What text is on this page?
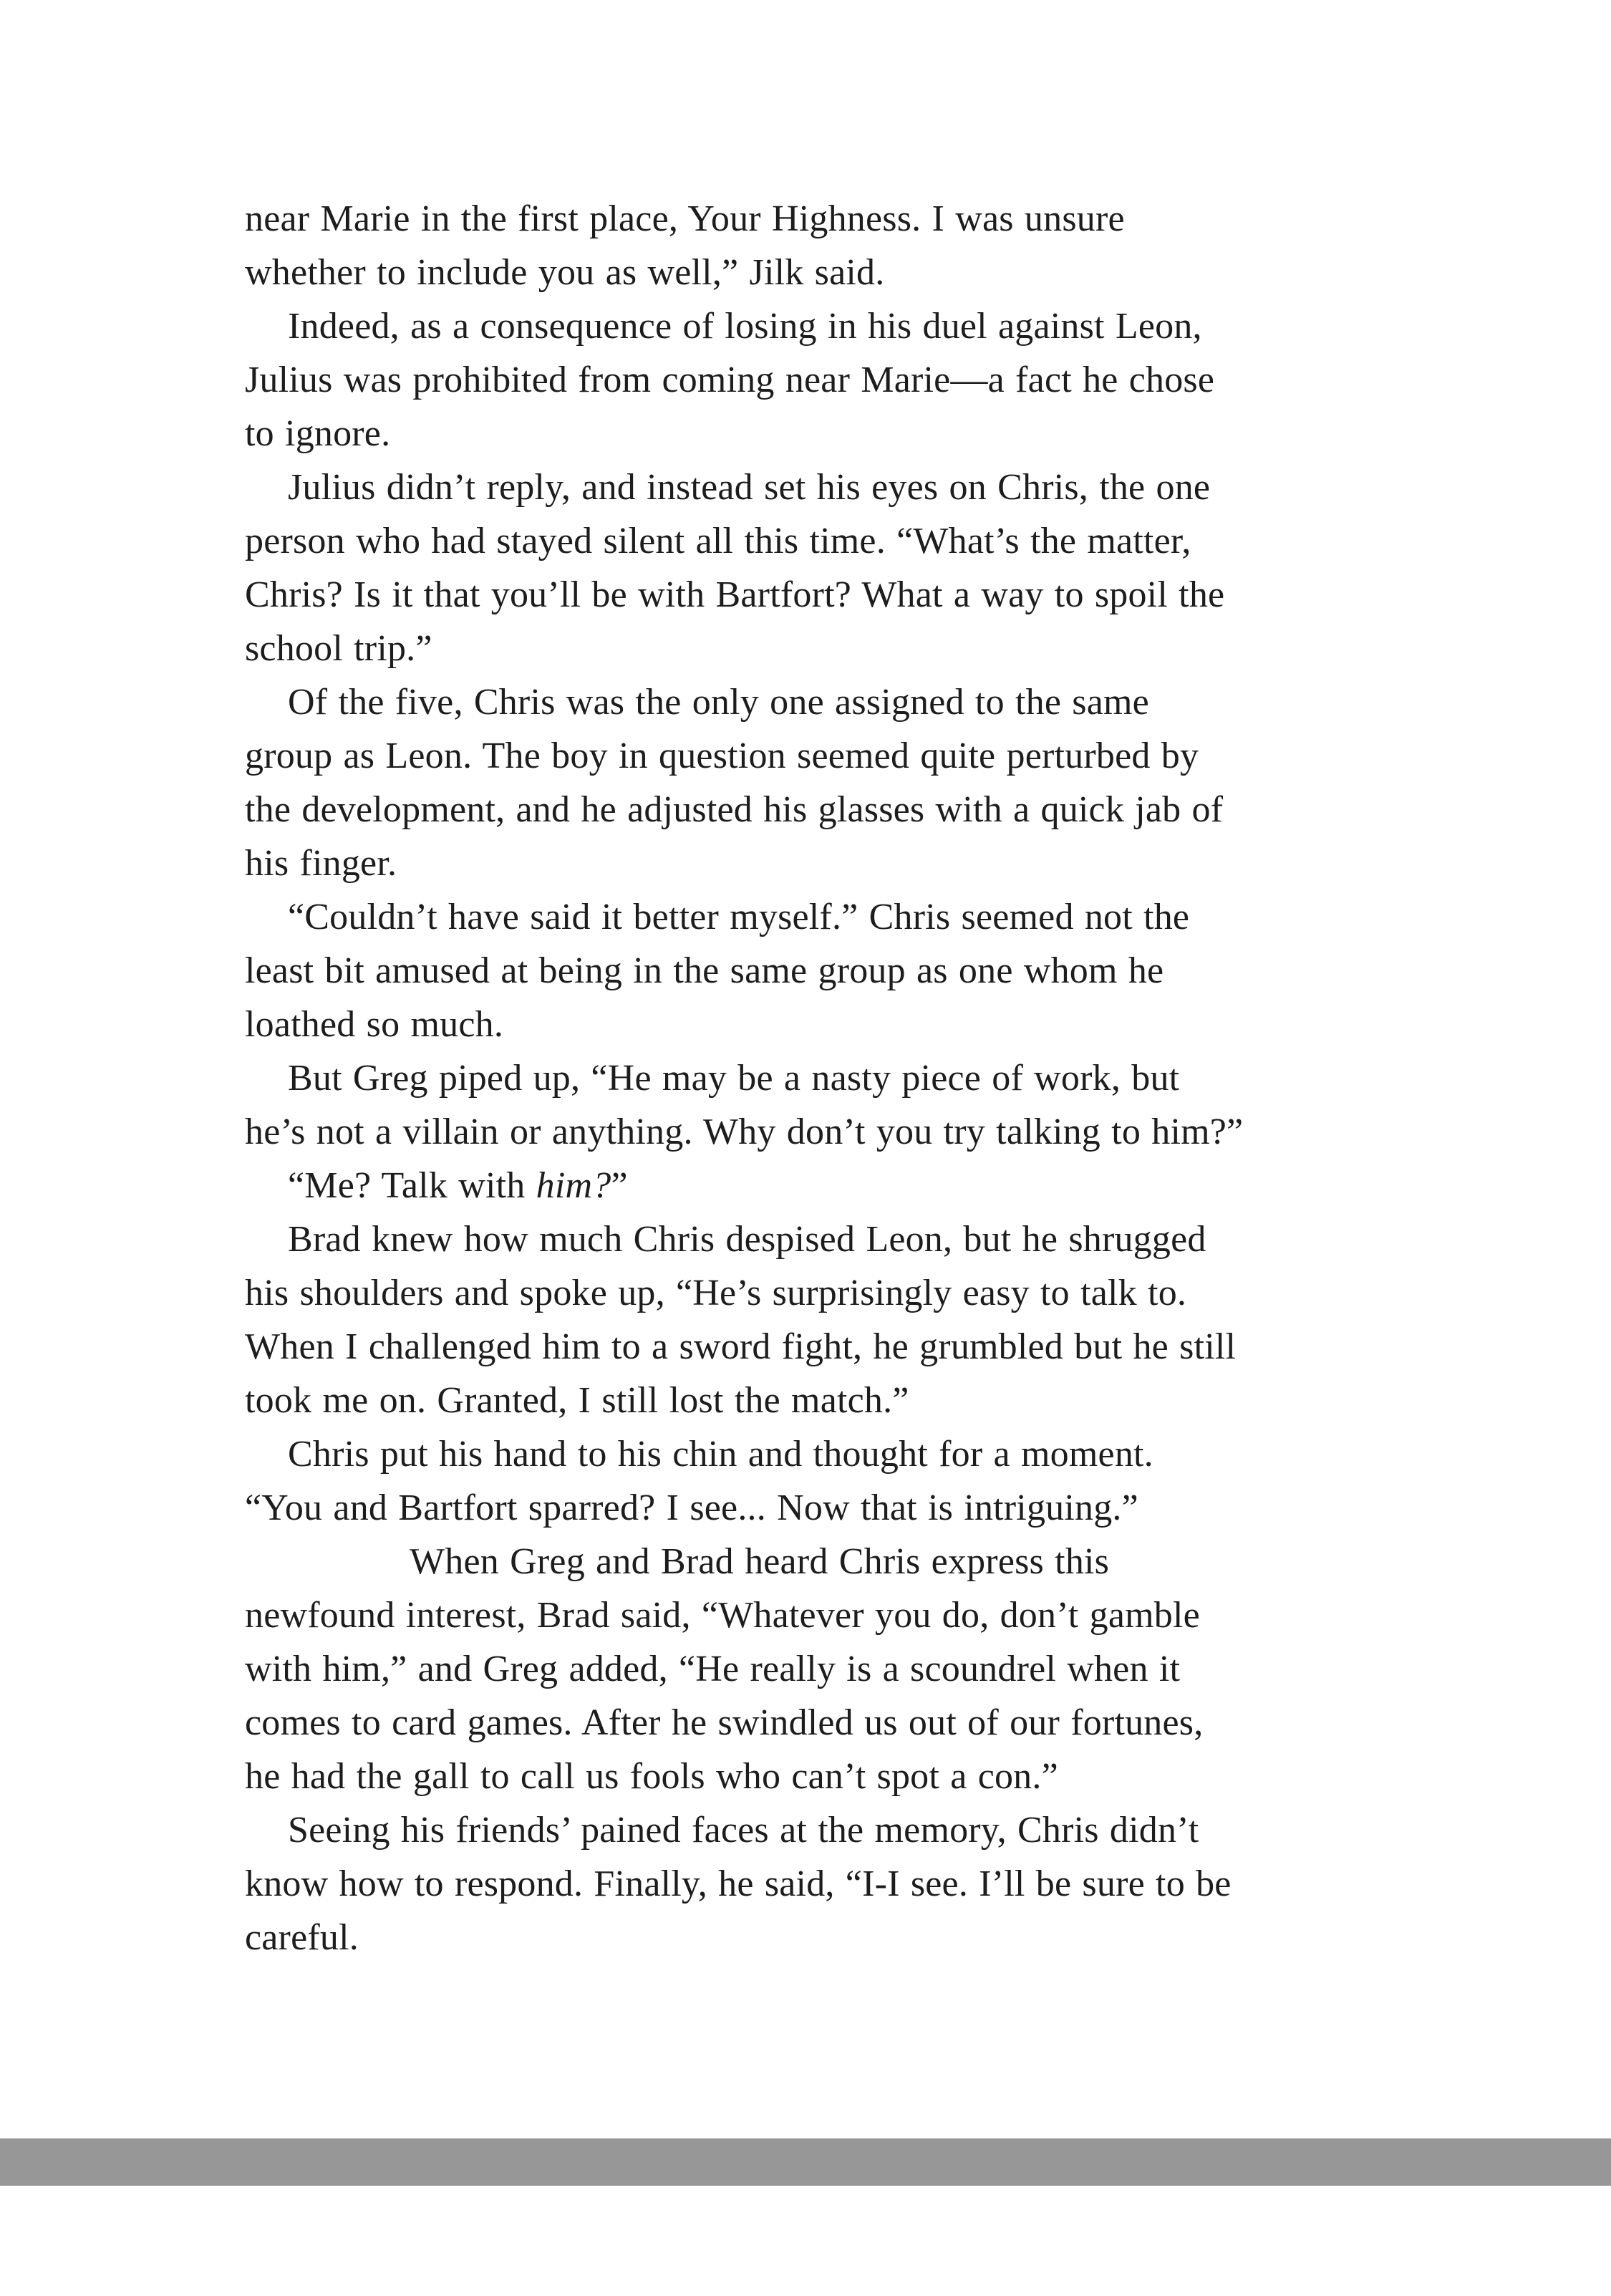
near Marie in the first place, Your Highness. I was unsure
whether to include you as well,” Jilk said.
Indeed, as a consequence of losing in his duel against Leon,
Julius was prohibited from coming near Marie—a fact he chose
to ignore.
Julius didn’t reply, and instead set his eyes on Chris, the one
person who had stayed silent all this time. “What’s the matter,
Chris? Is it that you’ll be with Bartfort? What a way to spoil the
school trip.”
Of the five, Chris was the only one assigned to the same
group as Leon. The boy in question seemed quite perturbed by
the development, and he adjusted his glasses with a quick jab of
his finger.
“Couldn’t have said it better myself.” Chris seemed not the
least bit amused at being in the same group as one whom he
loathed so much.
But Greg piped up, “He may be a nasty piece of work, but
he’s not a villain or anything. Why don’t you try talking to him?”
“Me? Talk with him?”
Brad knew how much Chris despised Leon, but he shrugged
his shoulders and spoke up, “He’s surprisingly easy to talk to.
When I challenged him to a sword fight, he grumbled but he still
took me on. Granted, I still lost the match.”
Chris put his hand to his chin and thought for a moment.
“You and Bartfort sparred? I see... Now that is intriguing.”
When Greg and Brad heard Chris express this
newfound interest, Brad said, “Whatever you do, don’t gamble
with him,” and Greg added, “He really is a scoundrel when it
comes to card games. After he swindled us out of our fortunes,
he had the gall to call us fools who can’t spot a con.”
Seeing his friends’ pained faces at the memory, Chris didn’t
know how to respond. Finally, he said, “I-I see. I’ll be sure to be
careful.
